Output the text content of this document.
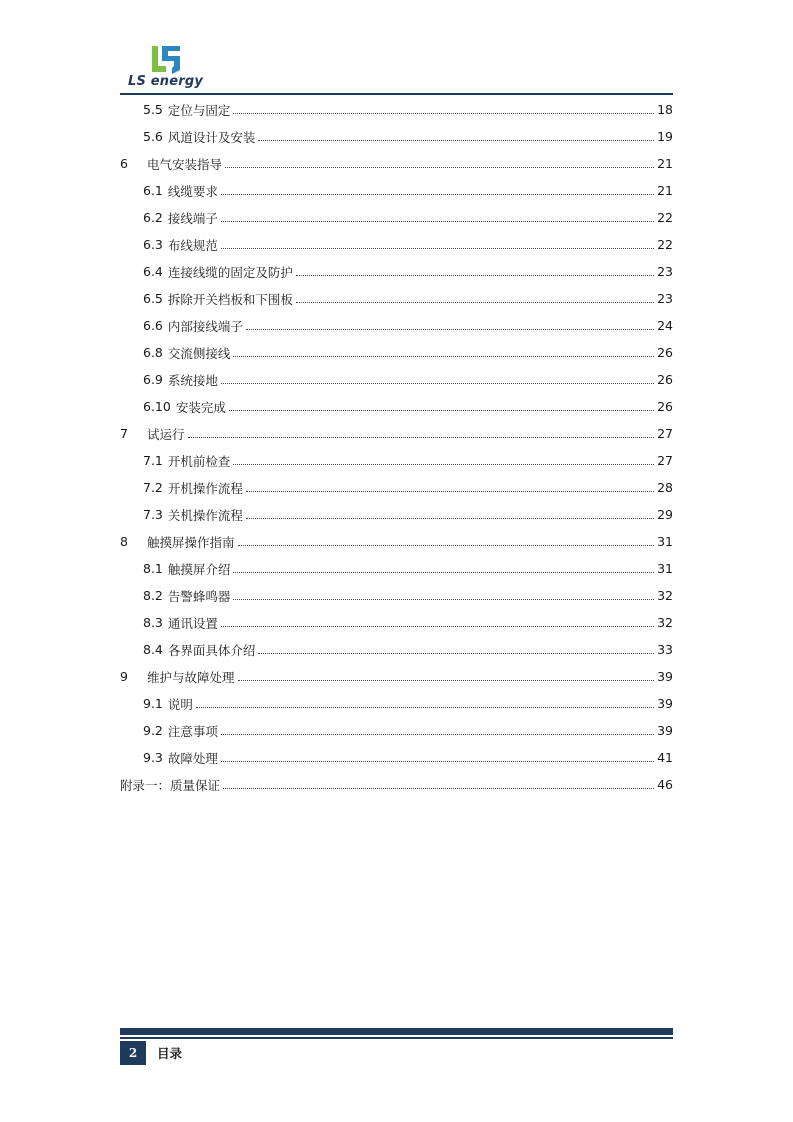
LS energy
5.5 定位与固定	18
5.6 风道设计及安装	19
6	电气安装指导	21
6.1 线缆要求	21
6.2 接线端子	22
6.3 布线规范	22
6.4 连接线缆的固定及防护	23
6.5 拆除开关档板和下围板	23
6.6 内部接线端子	24
6.8 交流侧接线	26
6.9 系统接地	26
6.10 安装完成	26
7	试运行	27
7.1 开机前检查	27
7.2 开机操作流程	28
7.3 关机操作流程	29
8	触摸屏操作指南	31
8.1 触摸屏介绍	31
8.2 告警蜂鸣器	32
8.3 通讯设置	32
8.4 各界面具体介绍	33
9	维护与故障处理	39
9.1 说明	39
9.2 注意事项	39
9.3 故障处理	41
附录一：质量保证	46
2	目录
